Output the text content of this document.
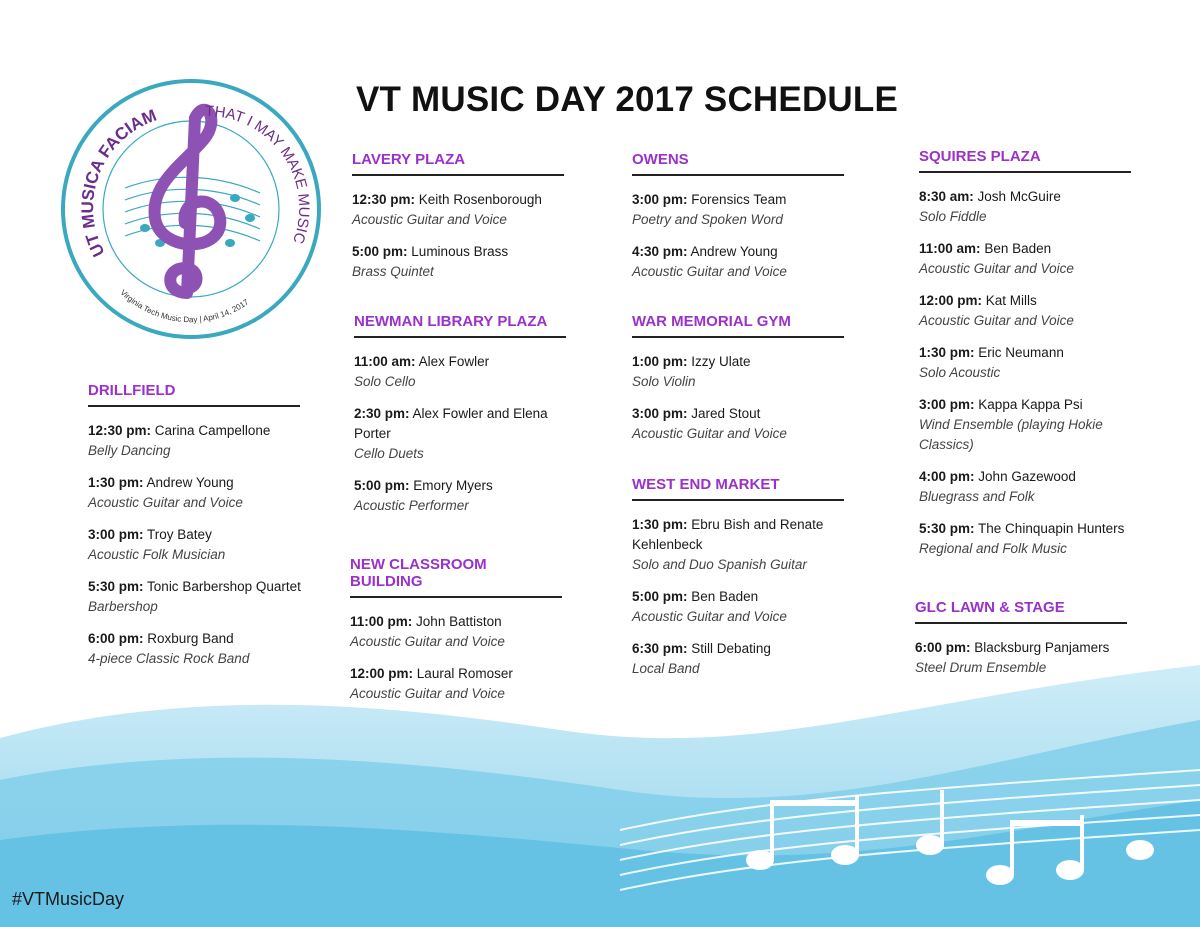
UT MUSICA FACIAM	THAT I MAY MAKE MUSIC
Virginia Tech Music Day | April 14, 2017
VT MUSIC DAY 2017 SCHEDULE
DRILLFIELD
12:30 pm: Carina Campellone
Belly Dancing
1:30 pm: Andrew Young
Acoustic Guitar and Voice
3:00 pm: Troy Batey
Acoustic Folk Musician
5:30 pm: Tonic Barbershop Quartet
Barbershop
6:00 pm: Roxburg Band
4-piece Classic Rock Band
LAVERY PLAZA
12:30 pm: Keith Rosenborough
Acoustic Guitar and Voice
5:00 pm: Luminous Brass
Brass Quintet
NEWMAN LIBRARY PLAZA
11:00 am: Alex Fowler
Solo Cello
2:30 pm: Alex Fowler and Elena Porter
Cello Duets
5:00 pm: Emory Myers
Acoustic Performer
NEW CLASSROOM BUILDING
11:00 pm: John Battiston
Acoustic Guitar and Voice
12:00 pm: Laural Romoser
Acoustic Guitar and Voice
OWENS
3:00 pm: Forensics Team
Poetry and Spoken Word
4:30 pm: Andrew Young
Acoustic Guitar and Voice
WAR MEMORIAL GYM
1:00 pm: Izzy Ulate
Solo Violin
3:00 pm: Jared Stout
Acoustic Guitar and Voice
WEST END MARKET
1:30 pm: Ebru Bish and Renate Kehlenbeck
Solo and Duo Spanish Guitar
5:00 pm: Ben Baden
Acoustic Guitar and Voice
6:30 pm: Still Debating
Local Band
SQUIRES PLAZA
8:30 am: Josh McGuire
Solo Fiddle
11:00 am: Ben Baden
Acoustic Guitar and Voice
12:00 pm: Kat Mills
Acoustic Guitar and Voice
1:30 pm: Eric Neumann
Solo Acoustic
3:00 pm: Kappa Kappa Psi
Wind Ensemble (playing Hokie Classics)
4:00 pm: John Gazewood
Bluegrass and Folk
5:30 pm: The Chinquapin Hunters
Regional and Folk Music
GLC LAWN & STAGE
6:00 pm: Blacksburg Panjamers
Steel Drum Ensemble

#VTMusicDay
